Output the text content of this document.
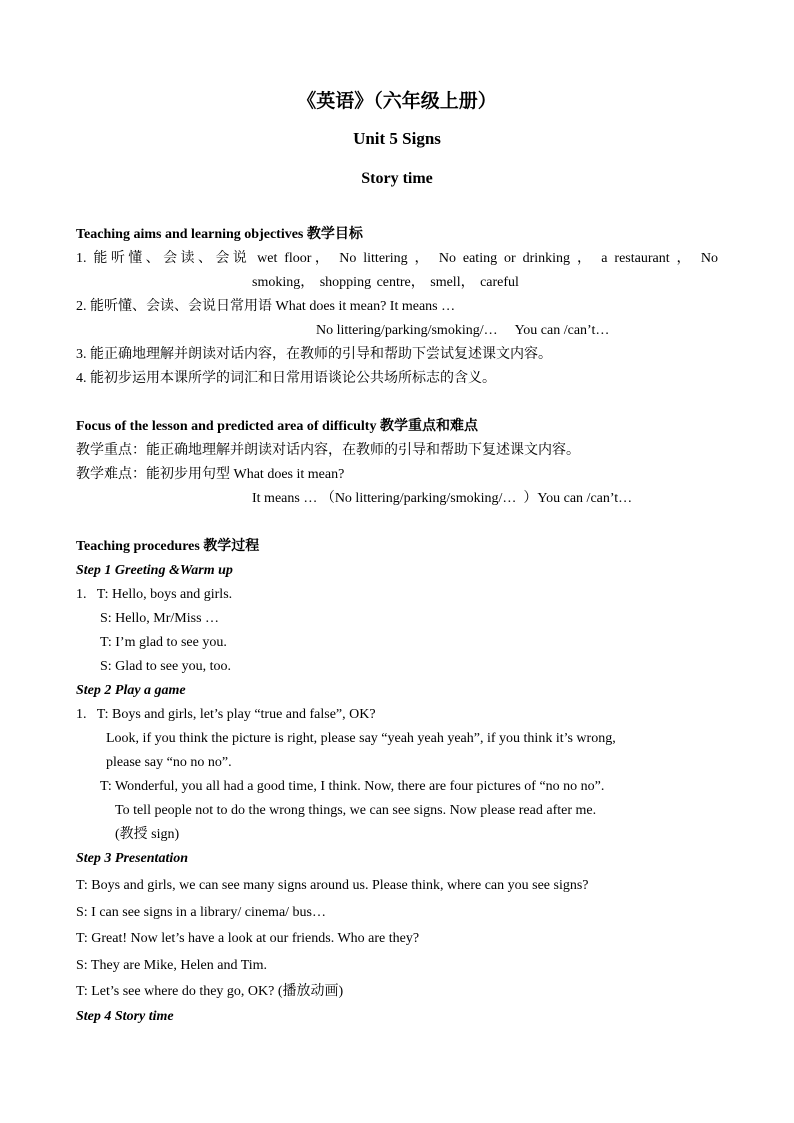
《英语》（六年级上册）
Unit 5 Signs
Story time
Teaching aims and learning objectives 教学目标
1. 能听懂、会读、会说 wet floor， No littering ， No eating or drinking ， a restaurant ， No
smoking， shopping centre， smell， careful
2. 能听懂、会读、会说日常用语 What does it mean? It means …
No littering/parking/smoking/…     You can /can’t…
3. 能正确地理解并朗读对话内容，在教师的引导和帮助下尝试复述课文内容。
4. 能初步运用本课所学的词汇和日常用语谈论公共场所标志的含义。
Focus of the lesson and predicted area of difficulty 教学重点和难点
教学重点：能正确地理解并朗读对话内容，在教师的引导和帮助下复述课文内容。
教学难点：能初步用句型 What does it mean?
It means … （No littering/parking/smoking/…  ）You can /can’t…
Teaching procedures 教学过程
Step 1 Greeting &Warm up
1.   T: Hello, boys and girls.
S: Hello, Mr/Miss …
T: I’m glad to see you.
S: Glad to see you, too.
Step 2 Play a game
1.   T: Boys and girls, let’s play “true and false”, OK?
Look, if you think the picture is right, please say “yeah yeah yeah”, if you think it’s wrong,
please say “no no no”.
T: Wonderful, you all had a good time, I think. Now, there are four pictures of “no no no”.
To tell people not to do the wrong things, we can see signs. Now please read after me.
(教授 sign)
Step 3 Presentation
T: Boys and girls, we can see many signs around us. Please think, where can you see signs?
S: I can see signs in a library/ cinema/ bus…
T: Great! Now let’s have a look at our friends. Who are they?
S: They are Mike, Helen and Tim.
T: Let’s see where do they go, OK? (播放动画)
Step 4 Story time
